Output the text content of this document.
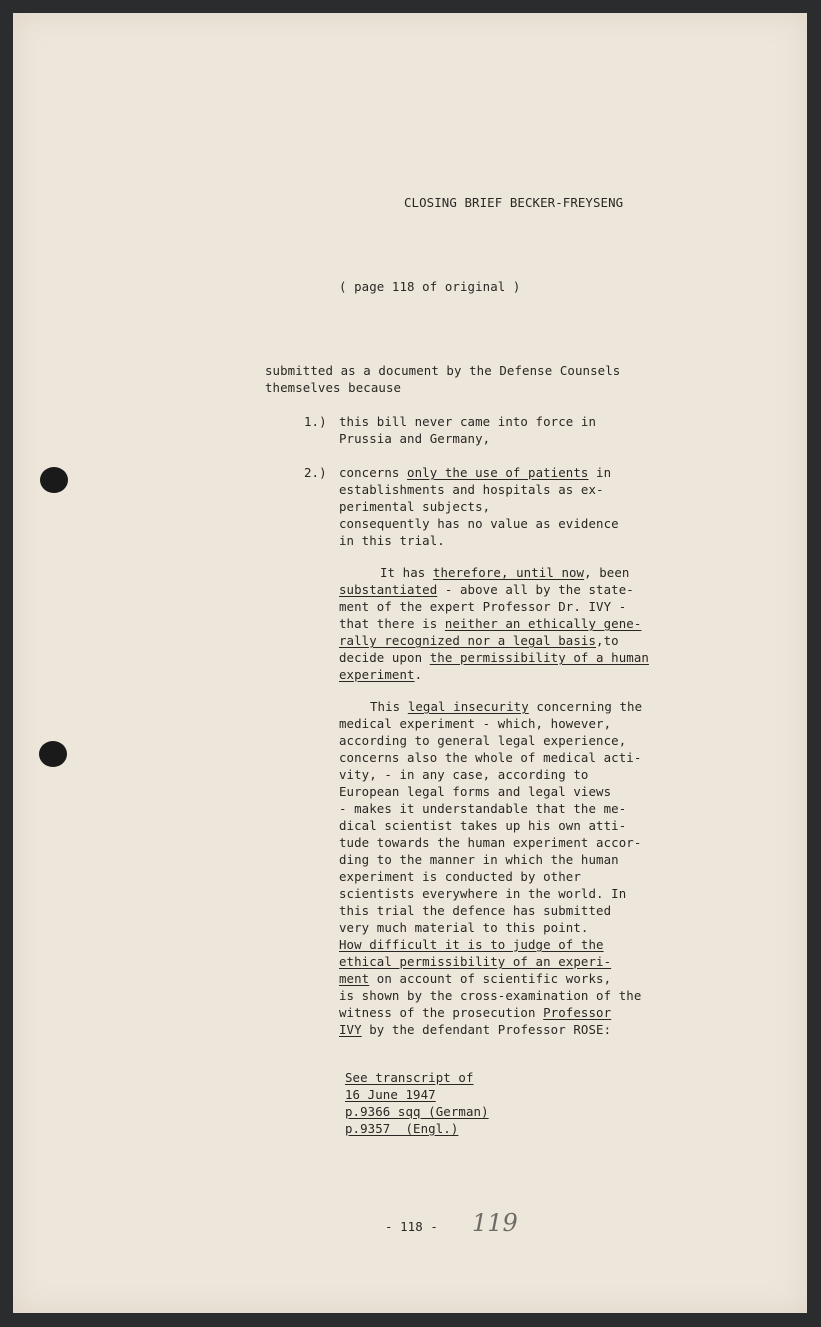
CLOSING BRIEF BECKER-FREYSENG
( page 118 of original )
submitted as a document by the Defense Counsels
themselves because
1.) this bill never came into force in
Prussia and Germany,
2.) concerns only the use of patients in
establishments and hospitals as ex-
perimental subjects,
consequently has no value as evidence
in this trial.
It has therefore, until now, been
substantiated - above all by the state-
ment of the expert Professor Dr. IVY -
that there is neither an ethically gene-
rally recognized nor a legal basis,to
decide upon the permissibility of a human
experiment.
This legal insecurity concerning the
medical experiment - which, however,
according to general legal experience,
concerns also the whole of medical acti-
vity, - in any case, according to
European legal forms and legal views
- makes it understandable that the me-
dical scientist takes up his own atti-
tude towards the human experiment accor-
ding to the manner in which the human
experiment is conducted by other
scientists everywhere in the world. In
this trial the defence has submitted
very much material to this point.
How difficult it is to judge of the
ethical permissibility of an experi-
ment on account of scientific works,
is shown by the cross-examination of the
witness of the prosecution Professor
IVY by the defendant Professor ROSE:
See transcript of
16 June 1947
p.9366 sqq (German)
p.9357  (Engl.)
- 118 - 119
